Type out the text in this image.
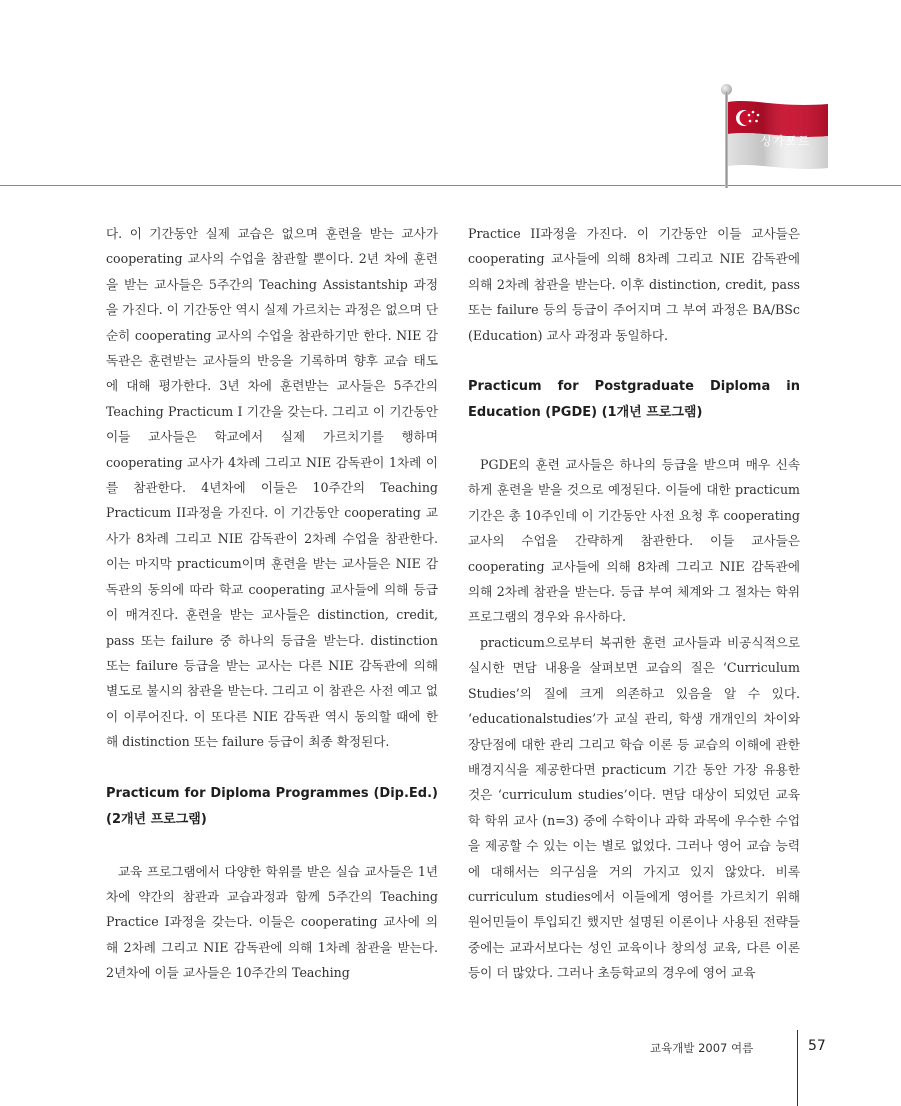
싱가포르

다. 이 기간동안 실제 교습은 없으며 훈련을 받는 교사가 cooperating 교사의 수업을 참관할 뿐이다. 2년 차에 훈련을 받는 교사들은 5주간의 Teaching Assistantship 과정을 가진다. 이 기간동안 역시 실제 가르치는 과정은 없으며 단순히 cooperating 교사의 수업을 참관하기만 한다. NIE 감독관은 훈련받는 교사들의 반응을 기록하며 향후 교습 태도에 대해 평가한다. 3년 차에 훈련받는 교사들은 5주간의 Teaching Practicum I 기간을 갖는다. 그리고 이 기간동안 이들 교사들은 학교에서 실제 가르치기를 행하며 cooperating 교사가 4차례 그리고 NIE 감독관이 1차례 이를 참관한다. 4년차에 이들은 10주간의 Teaching Practicum II과정을 가진다. 이 기간동안 cooperating 교사가 8차례 그리고 NIE 감독관이 2차례 수업을 참관한다. 이는 마지막 practicum이며 훈련을 받는 교사들은 NIE 감독관의 동의에 따라 학교 cooperating 교사들에 의해 등급이 매겨진다. 훈련을 받는 교사들은 distinction, credit, pass 또는 failure 중 하나의 등급을 받는다. distinction 또는 failure 등급을 받는 교사는 다른 NIE 감독관에 의해 별도로 불시의 참관을 받는다. 그리고 이 참관은 사전 예고 없이 이루어진다. 이 또다른 NIE 감독관 역시 동의할 때에 한해 distinction 또는 failure 등급이 최종 확정된다.

Practicum for Diploma Programmes (Dip.Ed.) (2개년 프로그램)

교육 프로그램에서 다양한 학위를 받은 실습 교사들은 1년 차에 약간의 참관과 교습과정과 함께 5주간의 Teaching Practice I과정을 갖는다. 이들은 cooperating 교사에 의해 2차례 그리고 NIE 감독관에 의해 1차례 참관을 받는다. 2년차에 이들 교사들은 10주간의 Teaching

Practice II과정을 가진다. 이 기간동안 이들 교사들은 cooperating 교사들에 의해 8차례 그리고 NIE 감독관에 의해 2차례 참관을 받는다. 이후 distinction, credit, pass 또는 failure 등의 등급이 주어지며 그 부여 과정은 BA/BSc (Education) 교사 과정과 동일하다.

Practicum for Postgraduate Diploma in Education (PGDE) (1개년 프로그램)

PGDE의 훈련 교사들은 하나의 등급을 받으며 매우 신속하게 훈련을 받을 것으로 예정된다. 이들에 대한 practicum 기간은 총 10주인데 이 기간동안 사전 요청 후 cooperating 교사의 수업을 간략하게 참관한다. 이들 교사들은 cooperating 교사들에 의해 8차례 그리고 NIE 감독관에 의해 2차례 참관을 받는다. 등급 부여 체계와 그 절차는 학위 프로그램의 경우와 유사하다.

practicum으로부터 복귀한 훈련 교사들과 비공식적으로 실시한 면담 내용을 살펴보면 교습의 질은 ‘Curriculum Studies’의 질에 크게 의존하고 있음을 알 수 있다. ‘educationalstudies’가 교실 관리, 학생 개개인의 차이와 장단점에 대한 관리 그리고 학습 이론 등 교습의 이해에 관한 배경지식을 제공한다면 practicum 기간 동안 가장 유용한 것은 ‘curriculum studies’이다. 면담 대상이 되었던 교육학 학위 교사 (n=3) 중에 수학이나 과학 과목에 우수한 수업을 제공할 수 있는 이는 별로 없었다. 그러나 영어 교습 능력에 대해서는 의구심을 거의 가지고 있지 않았다. 비록 curriculum studies에서 이들에게 영어를 가르치기 위해 원어민들이 투입되긴 했지만 설명된 이론이나 사용된 전략들 중에는 교과서보다는 성인 교육이나 창의성 교육, 다른 이론 등이 더 많았다. 그러나 초등학교의 경우에 영어 교육

교육개발 2007 여름	57
